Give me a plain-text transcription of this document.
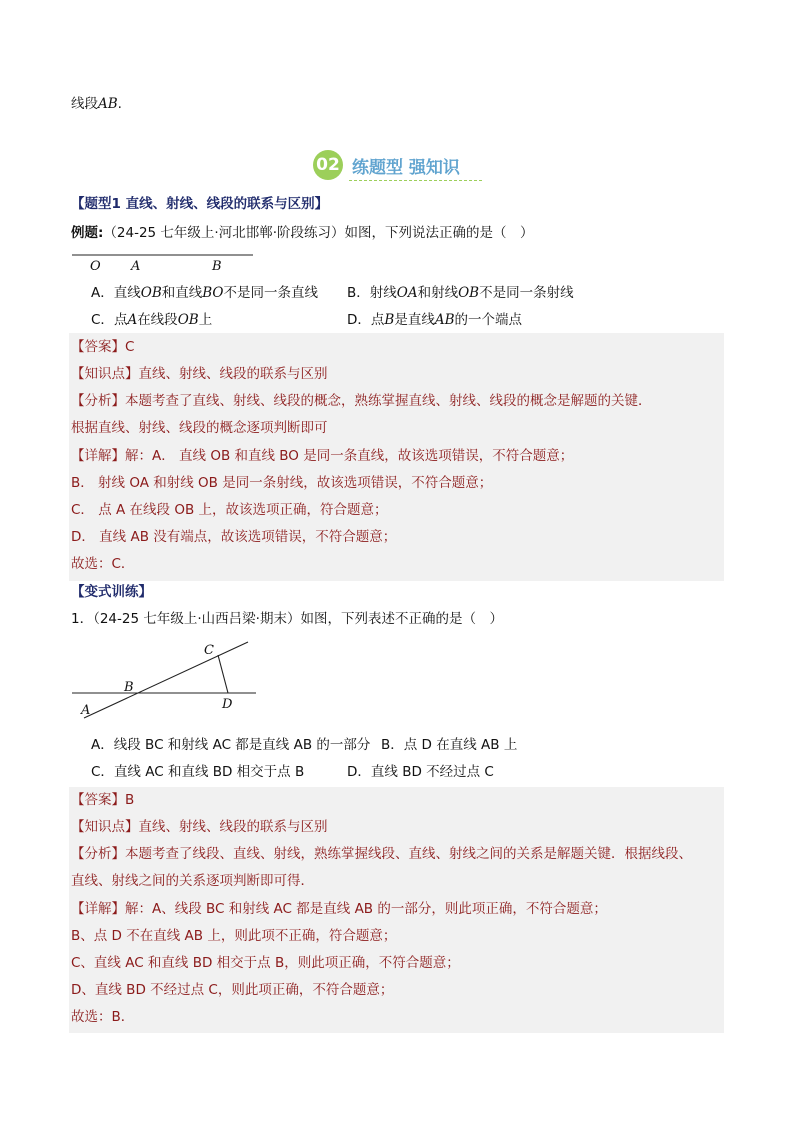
线段AB.
02 练题型 强知识
【题型1 直线、射线、线段的联系与区别】
例题:（24-25 七年级上·河北邯郸·阶段练习）如图，下列说法正确的是（　）
O A	B
A．直线OB和直线BO不是同一条直线 B．射线OA和射线OB不是同一条射线
C．点A在线段OB上	D．点B是直线AB的一个端点
【答案】C
【知识点】直线、射线、线段的联系与区别
【分析】本题考查了直线、射线、线段的概念，熟练掌握直线、射线、线段的概念是解题的关键．
根据直线、射线、线段的概念逐项判断即可
【详解】解：A． 直线 OB 和直线 BO 是同一条直线，故该选项错误，不符合题意；
B． 射线 OA 和射线 OB 是同一条射线，故该选项错误，不符合题意；
C． 点 A 在线段 OB 上，故该选项正确，符合题意；
D． 直线 AB 没有端点，故该选项错误，不符合题意；
故选：C．
【变式训练】
1．（24-25 七年级上·山西吕梁·期末）如图，下列表述不正确的是（　）
A
B
C
D
A．线段 BC 和射线 AC 都是直线 AB 的一部分 B．点 D 在直线 AB 上
C．直线 AC 和直线 BD 相交于点 B	D．直线 BD 不经过点 C
【答案】B
【知识点】直线、射线、线段的联系与区别
【分析】本题考查了线段、直线、射线，熟练掌握线段、直线、射线之间的关系是解题关键．根据线段、
直线、射线之间的关系逐项判断即可得．
【详解】解：A、线段 BC 和射线 AC 都是直线 AB 的一部分，则此项正确，不符合题意；
B、点 D 不在直线 AB 上，则此项不正确，符合题意；
C、直线 AC 和直线 BD 相交于点 B，则此项正确，不符合题意；
D、直线 BD 不经过点 C，则此项正确，不符合题意；
故选：B．
